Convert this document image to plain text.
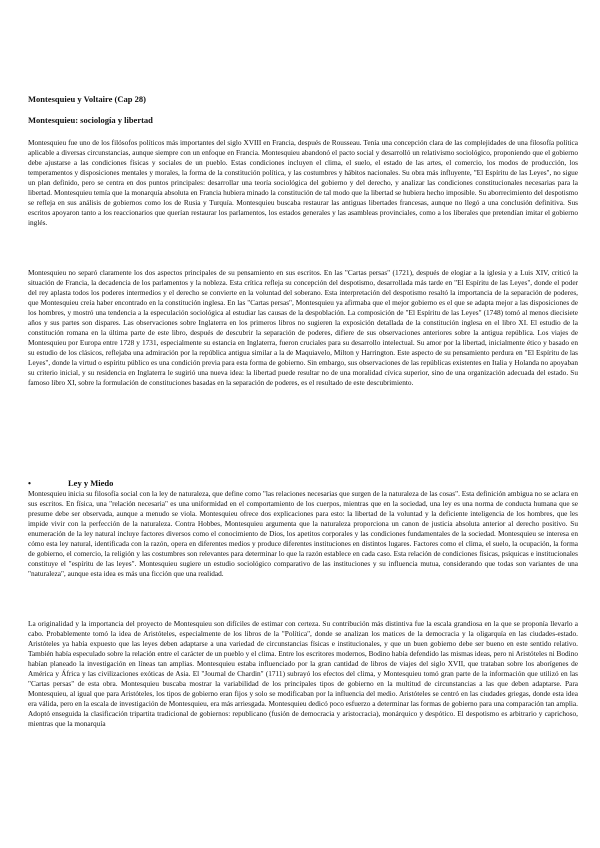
Montesquieu y Voltaire (Cap 28)
Montesquieu: sociología y libertad

Montesquieu fue uno de los filósofos políticos más importantes del siglo XVIII en Francia, después de Rousseau. Tenía una concepción clara de las complejidades de una filosofía política aplicable a diversas circunstancias, aunque siempre con un enfoque en Francia. Montesquieu abandonó el pacto social y desarrolló un relativismo sociológico, proponiendo que el gobierno debe ajustarse a las condiciones físicas y sociales de un pueblo. Estas condiciones incluyen el clima, el suelo, el estado de las artes, el comercio, los modos de producción, los temperamentos y disposiciones mentales y morales, la forma de la constitución política, y las costumbres y hábitos nacionales. Su obra más influyente, "El Espíritu de las Leyes", no sigue un plan definido, pero se centra en dos puntos principales: desarrollar una teoría sociológica del gobierno y del derecho, y analizar las condiciones constitucionales necesarias para la libertad. Montesquieu temía que la monarquía absoluta en Francia hubiera minado la constitución de tal modo que la libertad se hubiera hecho imposible. Su aborrecimiento del despotismo se refleja en sus análisis de gobiernos como los de Rusia y Turquía. Montesquieu buscaba restaurar las antiguas libertades francesas, aunque no llegó a una conclusión definitiva. Sus escritos apoyaron tanto a los reaccionarios que querían restaurar los parlamentos, los estados generales y las asambleas provinciales, como a los liberales que pretendían imitar el gobierno inglés.

Montesquieu no separó claramente los dos aspectos principales de su pensamiento en sus escritos. En las "Cartas persas" (1721), después de elogiar a la iglesia y a Luis XIV, criticó la situación de Francia, la decadencia de los parlamentos y la nobleza. Esta crítica refleja su concepción del despotismo, desarrollada más tarde en "El Espíritu de las Leyes", donde el poder del rey aplasta todos los poderes intermedios y el derecho se convierte en la voluntad del soberano. Esta interpretación del despotismo resaltó la importancia de la separación de poderes, que Montesquieu creía haber encontrado en la constitución inglesa. En las "Cartas persas", Montesquieu ya afirmaba que el mejor gobierno es el que se adapta mejor a las disposiciones de los hombres, y mostró una tendencia a la especulación sociológica al estudiar las causas de la despoblación. La composición de "El Espíritu de las Leyes" (1748) tomó al menos diecisiete años y sus partes son dispares. Las observaciones sobre Inglaterra en los primeros libros no sugieren la exposición detallada de la constitución inglesa en el libro XI. El estudio de la constitución romana en la última parte de este libro, después de descubrir la separación de poderes, difiere de sus observaciones anteriores sobre la antigua república. Los viajes de Montesquieu por Europa entre 1728 y 1731, especialmente su estancia en Inglaterra, fueron cruciales para su desarrollo intelectual. Su amor por la libertad, inicialmente ético y basado en su estudio de los clásicos, reflejaba una admiración por la república antigua similar a la de Maquiavelo, Milton y Harrington. Este aspecto de su pensamiento perdura en "El Espíritu de las Leyes", donde la virtud o espíritu público es una condición previa para esta forma de gobierno. Sin embargo, sus observaciones de las repúblicas existentes en Italia y Holanda no apoyaban su criterio inicial, y su residencia en Inglaterra le sugirió una nueva idea: la libertad puede resultar no de una moralidad cívica superior, sino de una organización adecuada del estado. Su famoso libro XI, sobre la formulación de constituciones basadas en la separación de poderes, es el resultado de este descubrimiento.

•	Ley y Miedo

Montesquieu inicia su filosofía social con la ley de naturaleza, que define como "las relaciones necesarias que surgen de la naturaleza de las cosas". Esta definición ambigua no se aclara en sus escritos. En física, una "relación necesaria" es una uniformidad en el comportamiento de los cuerpos, mientras que en la sociedad, una ley es una norma de conducta humana que se presume debe ser observada, aunque a menudo se viola. Montesquieu ofrece dos explicaciones para esto: la libertad de la voluntad y la deficiente inteligencia de los hombres, que les impide vivir con la perfección de la naturaleza. Contra Hobbes, Montesquieu argumenta que la naturaleza proporciona un canon de justicia absoluta anterior al derecho positivo. Su enumeración de la ley natural incluye factores diversos como el conocimiento de Dios, los apetitos corporales y las condiciones fundamentales de la sociedad. Montesquieu se interesa en cómo esta ley natural, identificada con la razón, opera en diferentes medios y produce diferentes instituciones en distintos lugares. Factores como el clima, el suelo, la ocupación, la forma de gobierno, el comercio, la religión y las costumbres son relevantes para determinar lo que la razón establece en cada caso. Esta relación de condiciones físicas, psíquicas e institucionales constituye el "espíritu de las leyes". Montesquieu sugiere un estudio sociológico comparativo de las instituciones y su influencia mutua, considerando que todas son variantes de una "naturaleza", aunque esta idea es más una ficción que una realidad.

La originalidad y la importancia del proyecto de Montesquieu son difíciles de estimar con certeza. Su contribución más distintiva fue la escala grandiosa en la que se proponía llevarlo a cabo. Probablemente tomó la idea de Aristóteles, especialmente de los libros de la "Política", donde se analizan los matices de la democracia y la oligarquía en las ciudades-estado. Aristóteles ya había expuesto que las leyes deben adaptarse a una variedad de circunstancias físicas e institucionales, y que un buen gobierno debe ser bueno en este sentido relativo. También había especulado sobre la relación entre el carácter de un pueblo y el clima. Entre los escritores modernos, Bodino había defendido las mismas ideas, pero ni Aristóteles ni Bodino habían planeado la investigación en líneas tan amplias. Montesquieu estaba influenciado por la gran cantidad de libros de viajes del siglo XVII, que trataban sobre los aborígenes de América y África y las civilizaciones exóticas de Asia. El "Journal de Chardin" (1711) subrayó los efectos del clima, y Montesquieu tomó gran parte de la información que utilizó en las "Cartas persas" de esta obra. Montesquieu buscaba mostrar la variabilidad de los principales tipos de gobierno en la multitud de circunstancias a las que deben adaptarse. Para Montesquieu, al igual que para Aristóteles, los tipos de gobierno eran fijos y solo se modificaban por la influencia del medio. Aristóteles se centró en las ciudades griegas, donde esta idea era válida, pero en la escala de investigación de Montesquieu, era más arriesgada. Montesquieu dedicó poco esfuerzo a determinar las formas de gobierno para una comparación tan amplia. Adoptó enseguida la clasificación tripartita tradicional de gobiernos: republicano (fusión de democracia y aristocracia), monárquico y despótico. El despotismo es arbitrario y caprichoso, mientras que la monarquía
